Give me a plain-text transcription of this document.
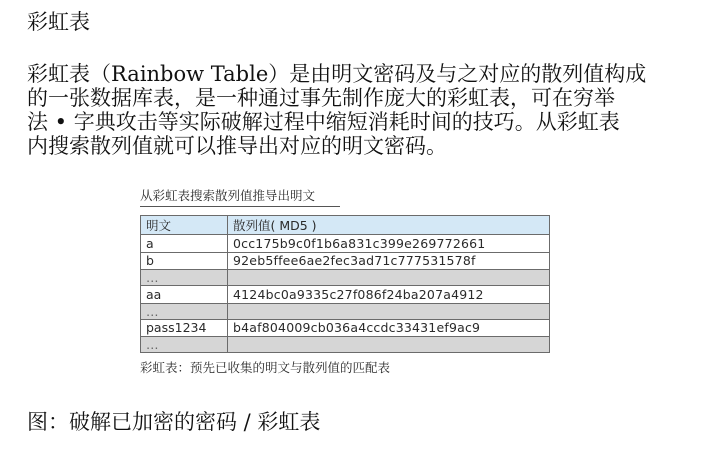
彩虹表
彩虹表（Rainbow Table）是由明文密码及与之对应的散列值构成
的一张数据库表，是一种通过事先制作庞大的彩虹表，可在穷举
法 • 字典攻击等实际破解过程中缩短消耗时间的技巧。从彩虹表
内搜索散列值就可以推导出对应的明文密码。
从彩虹表搜索散列值推导出明文
明文	散列值( MD5 )
a	0cc175b9c0f1b6a831c399e269772661
b	92eb5ffee6ae2fec3ad71c777531578f
…	
aa	4124bc0a9335c27f086f24ba207a4912
…	
pass1234	b4af804009cb036a4ccdc33431ef9ac9
…	
彩虹表：预先已收集的明文与散列值的匹配表
图：破解已加密的密码 / 彩虹表
